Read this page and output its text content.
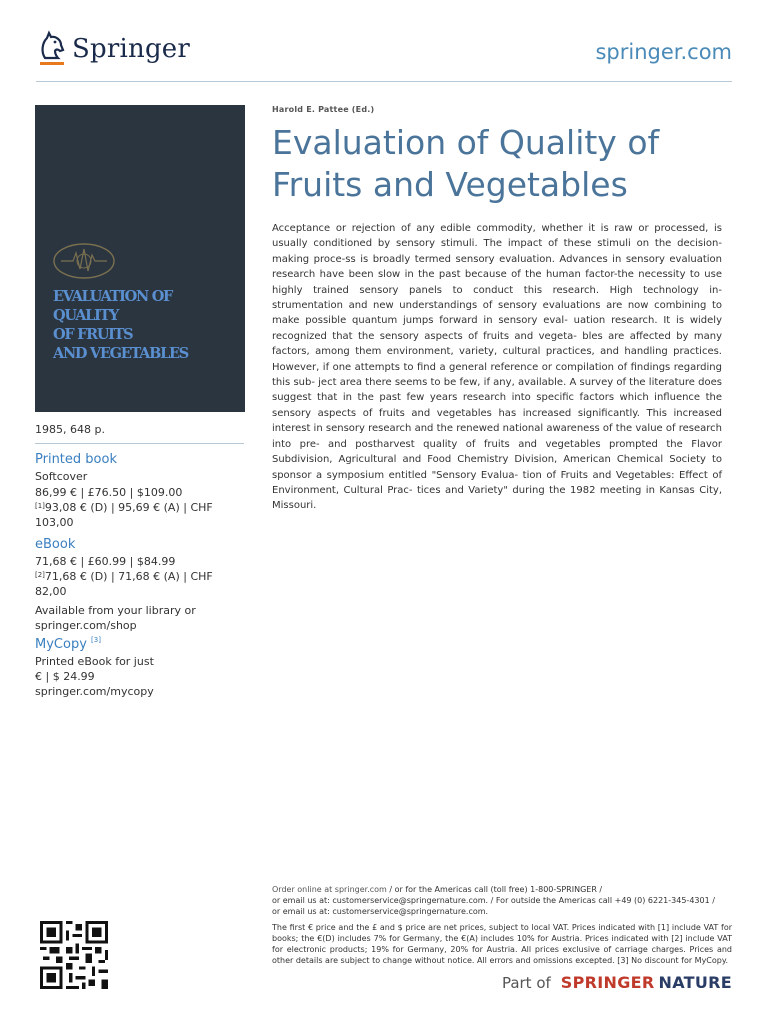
Springer	springer.com
EVALUATION OF QUALITY
OF FRUITS
AND VEGETABLES
1985, 648 p.
Printed book
Softcover
86,99 € | £76.50 | $109.00
[1]93,08 € (D) | 95,69 € (A) | CHF
103,00
eBook
71,68 € | £60.99 | $84.99
[2]71,68 € (D) | 71,68 € (A) | CHF
82,00
Available from your library or
springer.com/shop
MyCopy [3]
Printed eBook for just
€ | $ 24.99
springer.com/mycopy
Harold E. Pattee (Ed.)
Evaluation of Quality of
Fruits and Vegetables

Acceptance or rejection of any edible commodity, whether it is raw or processed, is usually conditioned by sensory stimuli. The impact of these stimuli on the decision-making proce-ss is broadly termed sensory evaluation. Advances in sensory evaluation research have been slow in the past because of the human factor-the necessity to use highly trained sensory panels to conduct this research. High technology in- strumentation and new understandings of sensory evaluations are now combining to make possible quantum jumps forward in sensory eval- uation research. It is widely recognized that the sensory aspects of fruits and vegeta- bles are affected by many factors, among them environment, variety, cultural practices, and handling practices. However, if one attempts to find a general reference or compilation of findings regarding this sub- ject area there seems to be few, if any, available. A survey of the literature does suggest that in the past few years research into specific factors which influence the sensory aspects of fruits and vegetables has increased significantly. This increased interest in sensory research and the renewed national awareness of the value of research into pre- and postharvest quality of fruits and vegetables prompted the Flavor Subdivision, Agricultural and Food Chemistry Division, American Chemical Society to sponsor a symposium entitled "Sensory Evalua- tion of Fruits and Vegetables: Effect of Environment, Cultural Prac- tices and Variety" during the 1982 meeting in Kansas City, Missouri.

Order online at springer.com / or for the Americas call (toll free) 1-800-SPRINGER /
or email us at: customerservice@springernature.com. / For outside the Americas call +49 (0) 6221-345-4301 /
or email us at: customerservice@springernature.com.

The first € price and the £ and $ price are net prices, subject to local VAT. Prices indicated with [1] include VAT for books; the €(D) includes 7% for Germany, the €(A) includes 10% for Austria. Prices indicated with [2] include VAT for electronic products; 19% for Germany, 20% for Austria. All prices exclusive of carriage charges. Prices and other details are subject to change without notice. All errors and omissions excepted. [3] No discount for MyCopy.

Part of SPRINGER NATURE
